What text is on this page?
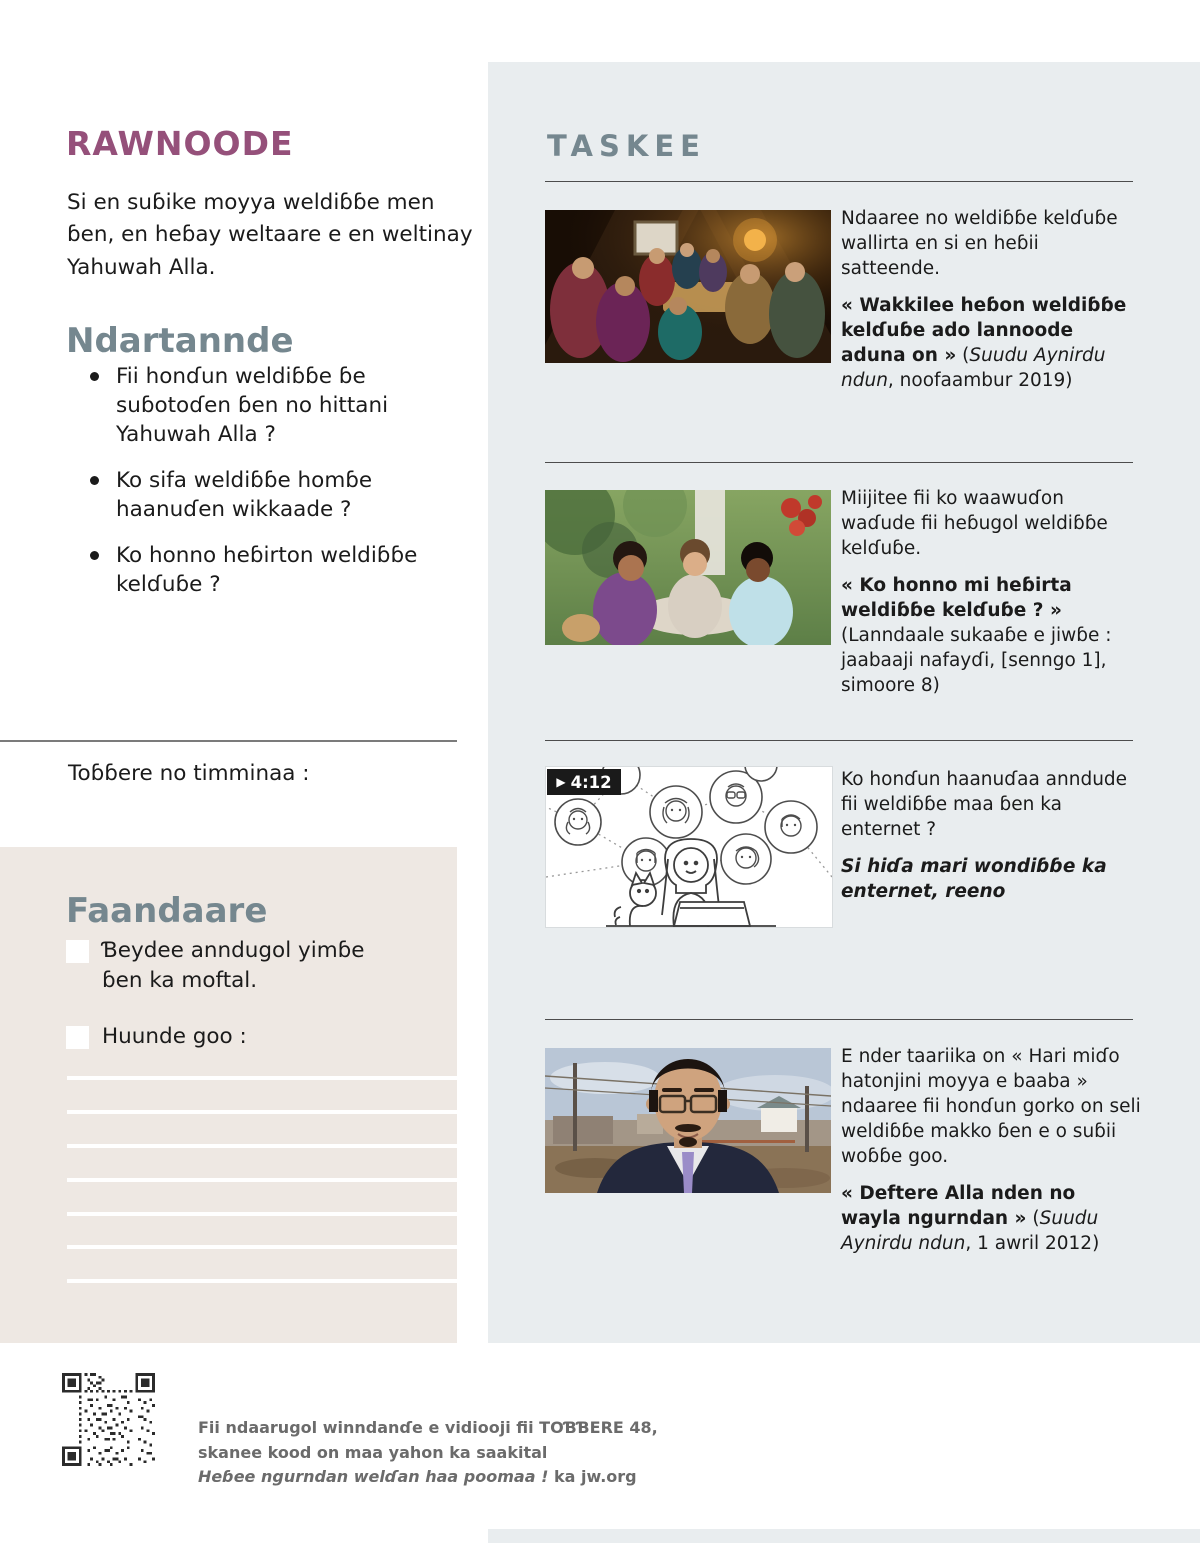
RAWNOODE

Si en suɓike moyya weldiɓɓe men ɓen, en heɓay weltaare e en weltinay Yahuwah Alla.

Ndartannde
Fii honɗun weldiɓɓe ɓe suɓotoɗen ɓen no hittani Yahuwah Alla ?
Ko sifa weldiɓɓe homɓe haanuɗen wikkaade ?
Ko honno heɓirton weldiɓɓe kelɗuɓe ?
Toɓɓere no timminaa :
Faandaare
Ɓeydee anndugol yimɓe ɓen ka moftal.
Huunde goo :
TASKEE

Ndaaree no weldiɓɓe kelɗuɓe wallirta en si en heɓii satteende.

« Wakkilee heɓon weldiɓɓe kelɗuɓe ado lannoode aduna on » (Suudu Aynirdu ndun, noofaambur 2019)

Miijitee fii ko waawuɗon waɗude fii heɓugol weldiɓɓe kelɗuɓe.

« Ko honno mi heɓirta weldiɓɓe kelɗuɓe ? »
(Lanndaale sukaaɓe e jiwɓe : jaabaaji nafayɗi, [senngo 1], simoore 8)

▶ 4:12	Ko honɗun haanuɗaa anndude fii weldiɓɓe maa ɓen ka enternet ?

Si hiɗa mari wondiɓɓe ka enternet, reeno

E nder taariika on « Hari miɗo hatonjini moyya e baaba » ndaaree fii honɗun gorko on seli weldiɓɓe makko ɓen e o suɓii woɓɓe goo.

« Deftere Alla nden no wayla ngurndan » (Suudu Aynirdu ndun, 1 awril 2012)

Fii ndaarugol winndanɗe e vidiooji fii TOƁƁERE 48,
skanee kood on maa yahon ka saakital
Heɓee ngurndan welɗan haa poomaa ! ka jw.org
